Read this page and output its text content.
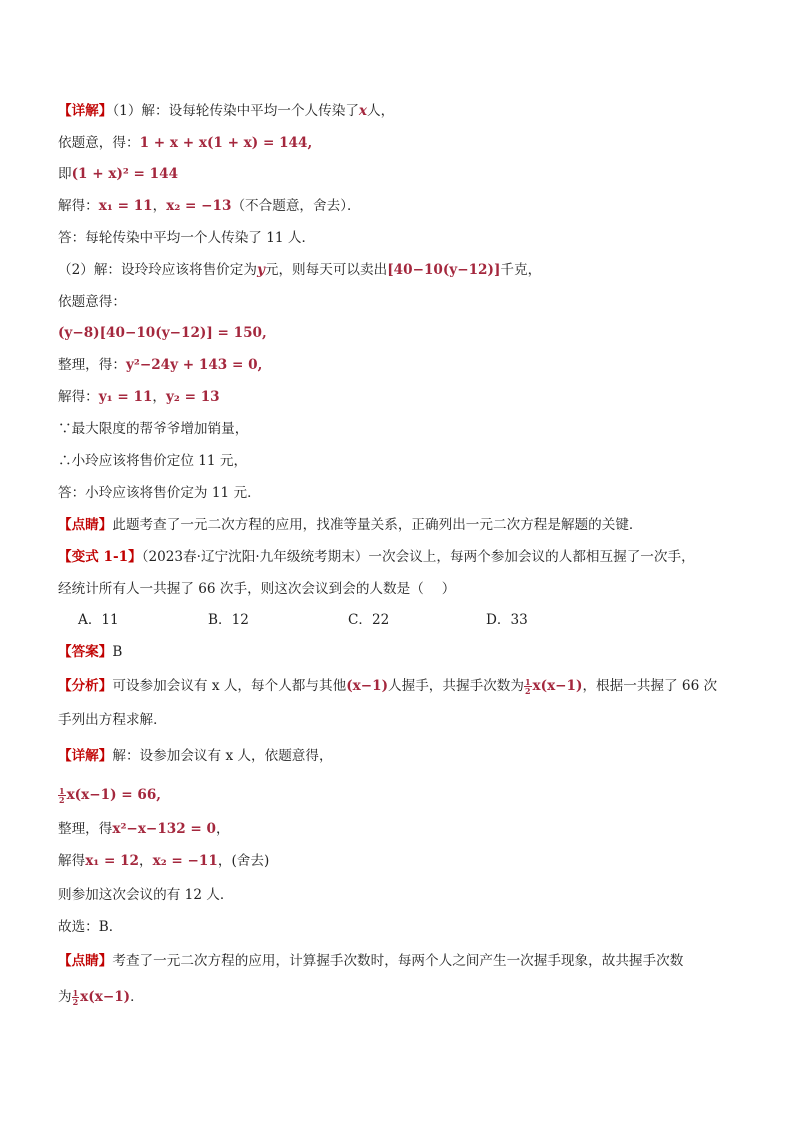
【详解】（1）解：设每轮传染中平均一个人传染了x人，
依题意，得：1 + x + x(1 + x) = 144,
即(1 + x)² = 144
解得：x₁ = 11，x₂ = −13（不合题意，舍去）．
答：每轮传染中平均一个人传染了 11 人．
（2）解：设玲玲应该将售价定为y元，则每天可以卖出[40−10(y−12)]千克，
依题意得：
(y−8)[40−10(y−12)] = 150,
整理，得：y²−24y + 143 = 0,
解得：y₁ = 11，y₂ = 13
∵最大限度的帮爷爷增加销量，
∴小玲应该将售价定位 11 元，
答：小玲应该将售价定为 11 元．
【点睛】此题考查了一元二次方程的应用，找准等量关系，正确列出一元二次方程是解题的关键．
【变式 1-1】（2023春·辽宁沈阳·九年级统考期末）一次会议上，每两个参加会议的人都相互握了一次手，
经统计所有人一共握了 66 次手，则这次会议到会的人数是（　 ）
A．11	B．12	C．22	D．33
【答案】B
【分析】可设参加会议有 x 人，每个人都与其他(x−1)人握手，共握手次数为 $\frac{1}{2} x(x-1)$，根据一共握了 66 次
手列出方程求解．
【详解】解：设参加会议有 x 人，依题意得，
$\frac{1}{2} x(x-1) = 66$,
整理，得x²−x−132 = 0，
解得x₁ = 12，x₂ = −11，(舍去)
则参加这次会议的有 12 人．
故选：B．
【点睛】考查了一元二次方程的应用，计算握手次数时，每两个人之间产生一次握手现象，故共握手次数
为 $\frac{1}{2} x(x-1)$．
